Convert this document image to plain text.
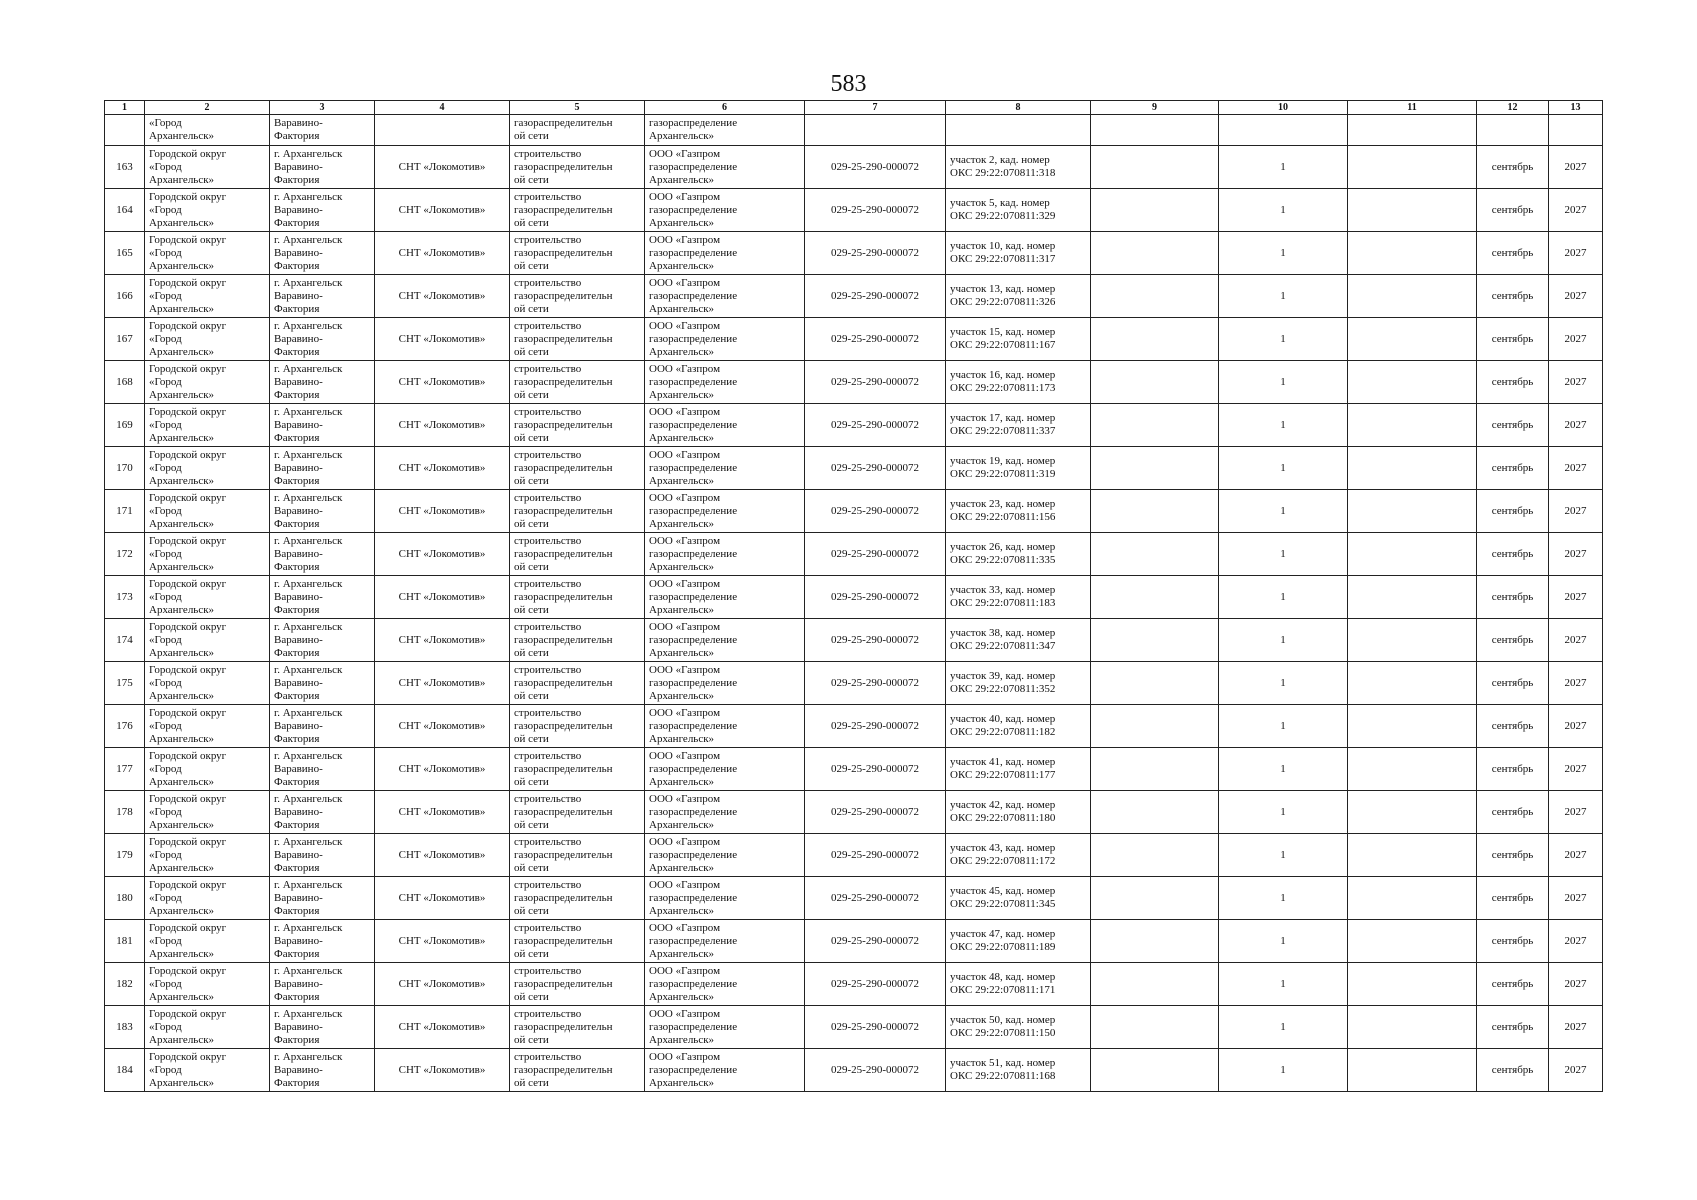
583
1	2	3	4	5	6	7	8	9	10	11	12	13

	«Город
Архангельск»	Варавино-
Фактория		газораспределительн
ой сети	газораспределение
Архангельск»							

163	Городской округ
«Город
Архангельск»	г. Архангельск
Варавино-
Фактория	СНТ «Локомотив»	строительство
газораспределительн
ой сети	ООО «Газпром
газораспределение
Архангельск»	029-25-290-000072	участок 2, кад. номер
ОКС 29:22:070811:318		1		сентябрь	2027
164	Городской округ
«Город
Архангельск»	г. Архангельск
Варавино-
Фактория	СНТ «Локомотив»	строительство
газораспределительн
ой сети	ООО «Газпром
газораспределение
Архангельск»	029-25-290-000072	участок 5, кад. номер
ОКС 29:22:070811:329		1		сентябрь	2027
165	Городской округ
«Город
Архангельск»	г. Архангельск
Варавино-
Фактория	СНТ «Локомотив»	строительство
газораспределительн
ой сети	ООО «Газпром
газораспределение
Архангельск»	029-25-290-000072	участок 10, кад. номер
ОКС 29:22:070811:317		1		сентябрь	2027
166	Городской округ
«Город
Архангельск»	г. Архангельск
Варавино-
Фактория	СНТ «Локомотив»	строительство
газораспределительн
ой сети	ООО «Газпром
газораспределение
Архангельск»	029-25-290-000072	участок 13, кад. номер
ОКС 29:22:070811:326		1		сентябрь	2027
167	Городской округ
«Город
Архангельск»	г. Архангельск
Варавино-
Фактория	СНТ «Локомотив»	строительство
газораспределительн
ой сети	ООО «Газпром
газораспределение
Архангельск»	029-25-290-000072	участок 15, кад. номер
ОКС 29:22:070811:167		1		сентябрь	2027
168	Городской округ
«Город
Архангельск»	г. Архангельск
Варавино-
Фактория	СНТ «Локомотив»	строительство
газораспределительн
ой сети	ООО «Газпром
газораспределение
Архангельск»	029-25-290-000072	участок 16, кад. номер
ОКС 29:22:070811:173		1		сентябрь	2027
169	Городской округ
«Город
Архангельск»	г. Архангельск
Варавино-
Фактория	СНТ «Локомотив»	строительство
газораспределительн
ой сети	ООО «Газпром
газораспределение
Архангельск»	029-25-290-000072	участок 17, кад. номер
ОКС 29:22:070811:337		1		сентябрь	2027
170	Городской округ
«Город
Архангельск»	г. Архангельск
Варавино-
Фактория	СНТ «Локомотив»	строительство
газораспределительн
ой сети	ООО «Газпром
газораспределение
Архангельск»	029-25-290-000072	участок 19, кад. номер
ОКС 29:22:070811:319		1		сентябрь	2027
171	Городской округ
«Город
Архангельск»	г. Архангельск
Варавино-
Фактория	СНТ «Локомотив»	строительство
газораспределительн
ой сети	ООО «Газпром
газораспределение
Архангельск»	029-25-290-000072	участок 23, кад. номер
ОКС 29:22:070811:156		1		сентябрь	2027
172	Городской округ
«Город
Архангельск»	г. Архангельск
Варавино-
Фактория	СНТ «Локомотив»	строительство
газораспределительн
ой сети	ООО «Газпром
газораспределение
Архангельск»	029-25-290-000072	участок 26, кад. номер
ОКС 29:22:070811:335		1		сентябрь	2027
173	Городской округ
«Город
Архангельск»	г. Архангельск
Варавино-
Фактория	СНТ «Локомотив»	строительство
газораспределительн
ой сети	ООО «Газпром
газораспределение
Архангельск»	029-25-290-000072	участок 33, кад. номер
ОКС 29:22:070811:183		1		сентябрь	2027
174	Городской округ
«Город
Архангельск»	г. Архангельск
Варавино-
Фактория	СНТ «Локомотив»	строительство
газораспределительн
ой сети	ООО «Газпром
газораспределение
Архангельск»	029-25-290-000072	участок 38, кад. номер
ОКС 29:22:070811:347		1		сентябрь	2027
175	Городской округ
«Город
Архангельск»	г. Архангельск
Варавино-
Фактория	СНТ «Локомотив»	строительство
газораспределительн
ой сети	ООО «Газпром
газораспределение
Архангельск»	029-25-290-000072	участок 39, кад. номер
ОКС 29:22:070811:352		1		сентябрь	2027
176	Городской округ
«Город
Архангельск»	г. Архангельск
Варавино-
Фактория	СНТ «Локомотив»	строительство
газораспределительн
ой сети	ООО «Газпром
газораспределение
Архангельск»	029-25-290-000072	участок 40, кад. номер
ОКС 29:22:070811:182		1		сентябрь	2027
177	Городской округ
«Город
Архангельск»	г. Архангельск
Варавино-
Фактория	СНТ «Локомотив»	строительство
газораспределительн
ой сети	ООО «Газпром
газораспределение
Архангельск»	029-25-290-000072	участок 41, кад. номер
ОКС 29:22:070811:177		1		сентябрь	2027
178	Городской округ
«Город
Архангельск»	г. Архангельск
Варавино-
Фактория	СНТ «Локомотив»	строительство
газораспределительн
ой сети	ООО «Газпром
газораспределение
Архангельск»	029-25-290-000072	участок 42, кад. номер
ОКС 29:22:070811:180		1		сентябрь	2027
179	Городской округ
«Город
Архангельск»	г. Архангельск
Варавино-
Фактория	СНТ «Локомотив»	строительство
газораспределительн
ой сети	ООО «Газпром
газораспределение
Архангельск»	029-25-290-000072	участок 43, кад. номер
ОКС 29:22:070811:172		1		сентябрь	2027
180	Городской округ
«Город
Архангельск»	г. Архангельск
Варавино-
Фактория	СНТ «Локомотив»	строительство
газораспределительн
ой сети	ООО «Газпром
газораспределение
Архангельск»	029-25-290-000072	участок 45, кад. номер
ОКС 29:22:070811:345		1		сентябрь	2027
181	Городской округ
«Город
Архангельск»	г. Архангельск
Варавино-
Фактория	СНТ «Локомотив»	строительство
газораспределительн
ой сети	ООО «Газпром
газораспределение
Архангельск»	029-25-290-000072	участок 47, кад. номер
ОКС 29:22:070811:189		1		сентябрь	2027
182	Городской округ
«Город
Архангельск»	г. Архангельск
Варавино-
Фактория	СНТ «Локомотив»	строительство
газораспределительн
ой сети	ООО «Газпром
газораспределение
Архангельск»	029-25-290-000072	участок 48, кад. номер
ОКС 29:22:070811:171		1		сентябрь	2027
183	Городской округ
«Город
Архангельск»	г. Архангельск
Варавино-
Фактория	СНТ «Локомотив»	строительство
газораспределительн
ой сети	ООО «Газпром
газораспределение
Архангельск»	029-25-290-000072	участок 50, кад. номер
ОКС 29:22:070811:150		1		сентябрь	2027
184	Городской округ
«Город
Архангельск»	г. Архангельск
Варавино-
Фактория	СНТ «Локомотив»	строительство
газораспределительн
ой сети	ООО «Газпром
газораспределение
Архангельск»	029-25-290-000072	участок 51, кад. номер
ОКС 29:22:070811:168		1		сентябрь	2027
